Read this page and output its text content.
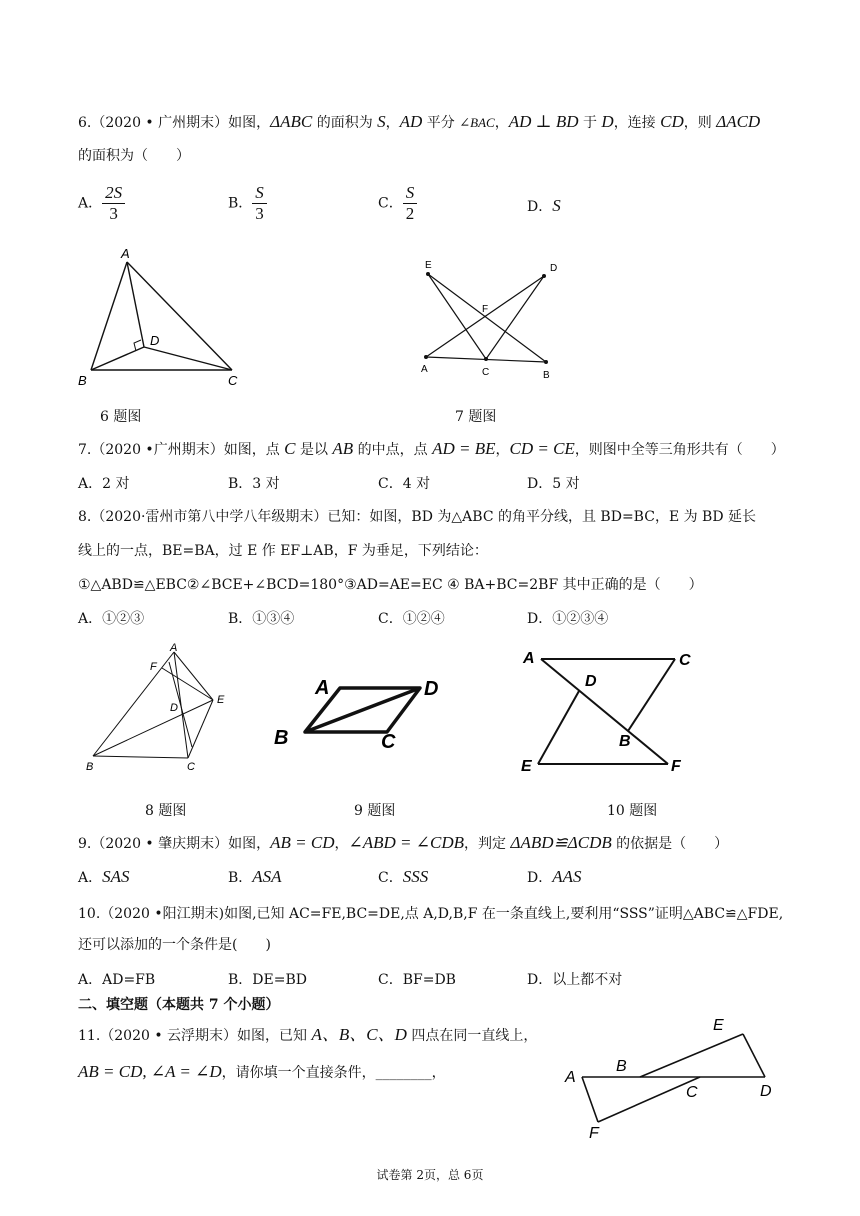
6.（2020 • 广州期末）如图，ΔABC 的面积为 S，AD 平分 ∠BAC，AD ⊥ BD 于 D，连接 CD，则 ΔACD
的面积为（　　）
A． $\frac{2S}{3}$	B． $\frac{S}{3}$	C． $\frac{S}{2}$	D．S
A
B	C
D
E	D
F
A	C	B
6 题图	7 题图
7.（2020 •广州期末）如图，点 C 是以 AB 的中点，点 AD = BE，CD = CE，则图中全等三角形共有（　　）
A．2 对	B．3 对	C．4 对	D．5 对
8.（2020·雷州市第八中学八年级期末）已知：如图，BD 为△ABC 的角平分线，且 BD=BC，E 为 BD 延长
线上的一点，BE=BA，过 E 作 EF⊥AB，F 为垂足，下列结论：
①△ABD≌△EBC②∠BCE+∠BCD=180°③AD=AE=EC ④ BA+BC=2BF 其中正确的是（　　）
A．①②③	B．①③④	C．①②④	D．①②③④
A
F
E
D
B	C
A	D
B	C
A	C
D
B
E	F
8 题图	9 题图	10 题图
9.（2020 • 肇庆期末）如图，AB = CD，∠ABD = ∠CDB，判定 ΔABD≌ΔCDB 的依据是（　　）
A．SAS	B．ASA	C．SSS	D．AAS
10.（2020 •阳江期末)如图,已知 AC=FE,BC=DE,点 A,D,B,F 在一条直线上,要利用“SSS”证明△ABC≌△FDE,
还可以添加的一个条件是(　　)
A．AD=FB	B．DE=BD	C．BF=DB	D．以上都不对
二、填空题（本题共 7 个小题）
11.（2020 • 云浮期末）如图，已知 A、B、C、D 四点在同一直线上，
AB = CD, ∠A = ∠D，请你填一个直接条件，________，
E
A
B
C	D
F
试卷第 2页，总 6页
